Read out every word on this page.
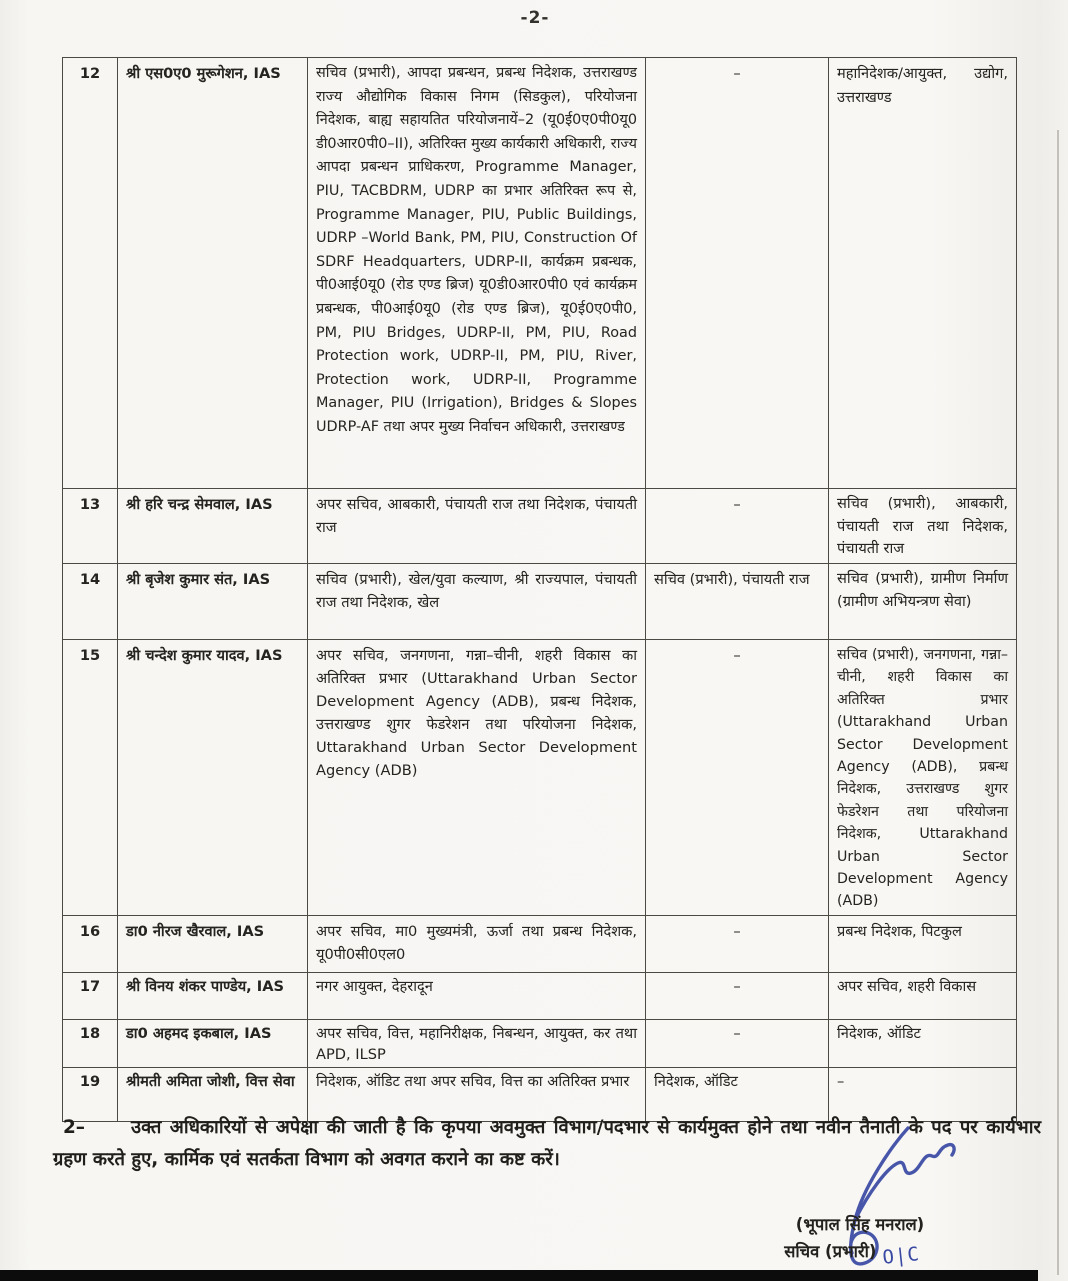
-2-
12	श्री एस0ए0 मुरूगेशन, IAS	सचिव (प्रभारी), आपदा प्रबन्धन, प्रबन्ध निदेशक, उत्तराखण्ड राज्य औद्योगिक विकास निगम (सिडकुल), परियोजना निदेशक, बाह्य सहायतित परियोजनायें–2 (यू0ई0ए0पी0यू0 डी0आर0पी0–II), अतिरिक्त मुख्य कार्यकारी अधिकारी, राज्य आपदा प्रबन्धन प्राधिकरण, Programme Manager, PIU, TACBDRM, UDRP का प्रभार अतिरिक्त रूप से, Programme Manager, PIU, Public Buildings, UDRP –World Bank, PM, PIU, Construction Of SDRF Headquarters, UDRP-II, कार्यक्रम प्रबन्धक, पी0आई0यू0 (रोड एण्ड ब्रिज) यू0डी0आर0पी0 एवं कार्यक्रम प्रबन्धक, पी0आई0यू0 (रोड एण्ड ब्रिज), यू0ई0ए0पी0, PM, PIU Bridges, UDRP-II, PM, PIU, Road Protection work, UDRP-II, PM, PIU, River, Protection work, UDRP-II, Programme Manager, PIU (Irrigation), Bridges & Slopes UDRP-AF तथा अपर मुख्य निर्वाचन अधिकारी, उत्तराखण्ड	–	महानिदेशक/आयुक्त, उद्योग, उत्तराखण्ड
13	श्री हरि चन्द्र सेमवाल, IAS	अपर सचिव, आबकारी, पंचायती राज तथा निदेशक, पंचायती राज	–	सचिव (प्रभारी), आबकारी, पंचायती राज तथा निदेशक, पंचायती राज
14	श्री बृजेश कुमार संत, IAS	सचिव (प्रभारी), खेल/युवा कल्याण, श्री राज्यपाल, पंचायती राज तथा निदेशक, खेल	सचिव (प्रभारी), पंचायती राज	सचिव (प्रभारी), ग्रामीण निर्माण (ग्रामीण अभियन्त्रण सेवा)
15	श्री चन्देश कुमार यादव, IAS	अपर सचिव, जनगणना, गन्ना–चीनी, शहरी विकास का अतिरिक्त प्रभार (Uttarakhand Urban Sector Development Agency (ADB), प्रबन्ध निदेशक, उत्तराखण्ड शुगर फेडरेशन तथा परियोजना निदेशक, Uttarakhand Urban Sector Development Agency (ADB)	–	सचिव (प्रभारी), जनगणना, गन्ना–चीनी, शहरी विकास का अतिरिक्त प्रभार (Uttarakhand Urban Sector Development Agency (ADB), प्रबन्ध निदेशक, उत्तराखण्ड शुगर फेडरेशन तथा परियोजना निदेशक, Uttarakhand Urban Sector Development Agency (ADB)
16	डा0 नीरज खैरवाल, IAS	अपर सचिव, मा0 मुख्यमंत्री, ऊर्जा तथा प्रबन्ध निदेशक, यू0पी0सी0एल0	–	प्रबन्ध निदेशक, पिटकुल
17	श्री विनय शंकर पाण्डेय, IAS	नगर आयुक्त, देहरादून	–	अपर सचिव, शहरी विकास
18	डा0 अहमद इकबाल, IAS	अपर सचिव, वित्त, महानिरीक्षक, निबन्धन, आयुक्त, कर तथा APD, ILSP	–	निदेशक, ऑडिट
19	श्रीमती अमिता जोशी, वित्त सेवा	निदेशक, ऑडिट तथा अपर सचिव, वित्त का अतिरिक्त प्रभार	निदेशक, ऑडिट	–
2–	उक्त अधिकारियों से अपेक्षा की जाती है कि कृपया अवमुक्त विभाग/पदभार से कार्यमुक्त होने तथा नवीन तैनाती के पद पर कार्यभार ग्रहण करते हुए, कार्मिक एवं सतर्कता विभाग को अवगत कराने का कष्ट करें।
(भूपाल सिंह मनराल)
सचिव (प्रभारी) O|C
